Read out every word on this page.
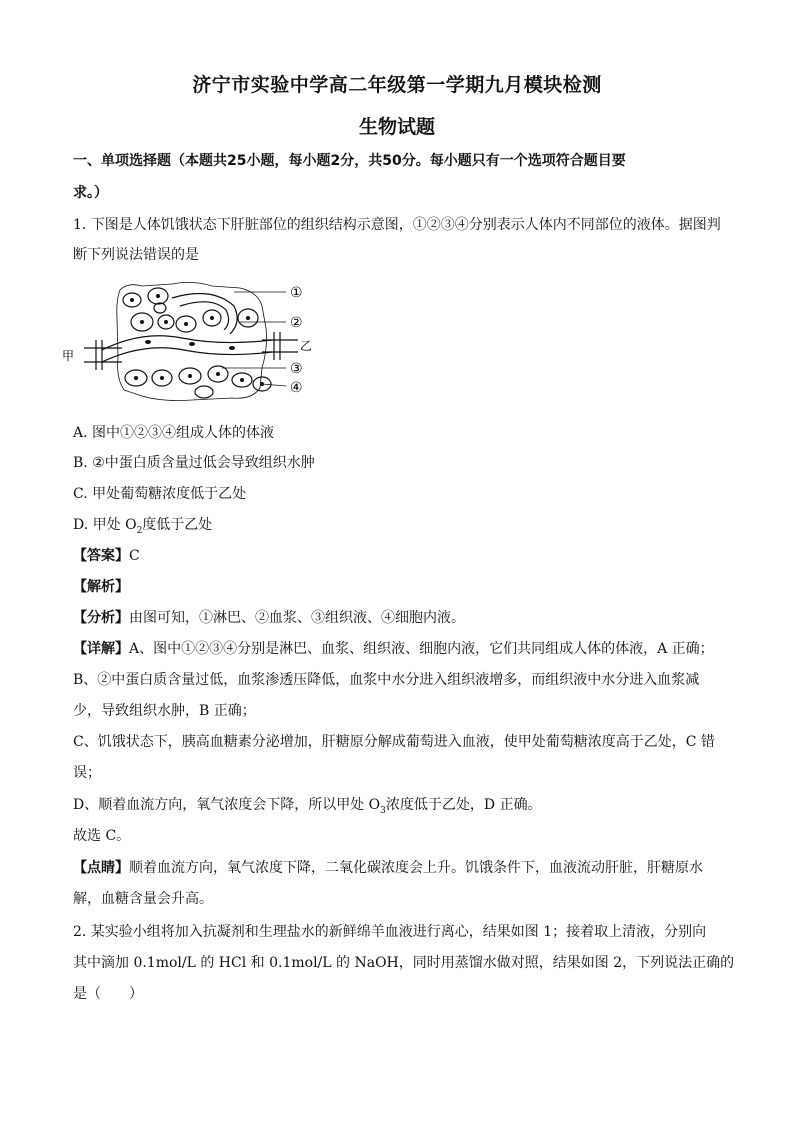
济宁市实验中学高二年级第一学期九月模块检测
生物试题
一、单项选择题（本题共25小题，每小题2分，共50分。每小题只有一个选项符合题目要
求。）
1. 下图是人体饥饿状态下肝脏部位的组织结构示意图，①②③④分别表示人体内不同部位的液体。据图判
断下列说法错误的是
甲
乙
①
②
③
④
A. 图中①②③④组成人体的体液
B. ②中蛋白质含量过低会导致组织水肿
C. 甲处葡萄糖浓度低于乙处
D. 甲处 $O_2$度低于乙处
【答案】C
【解析】
【分析】由图可知，①淋巴、②血浆、③组织液、④细胞内液。
【详解】A、图中①②③④分别是淋巴、血浆、组织液、细胞内液，它们共同组成人体的体液，A 正确；
B、②中蛋白质含量过低，血浆渗透压降低，血浆中水分进入组织液增多，而组织液中水分进入血浆减
少，导致组织水肿，B 正确；
C、饥饿状态下，胰高血糖素分泌增加，肝糖原分解成葡萄进入血液，使甲处葡萄糖浓度高于乙处，C 错
误；
D、顺着血流方向，氧气浓度会下降，所以甲处 $O_3$浓度低于乙处，D 正确。
故选 C。
【点睛】顺着血流方向，氧气浓度下降，二氧化碳浓度会上升。饥饿条件下，血液流动肝脏，肝糖原水
解，血糖含量会升高。
2. 某实验小组将加入抗凝剂和生理盐水的新鲜绵羊血液进行离心，结果如图 1；接着取上清液，分别向
其中滴加 0.1mol/L 的 HCl 和 0.1mol/L 的 NaOH，同时用蒸馏水做对照，结果如图 2，下列说法正确的
是（　　）
